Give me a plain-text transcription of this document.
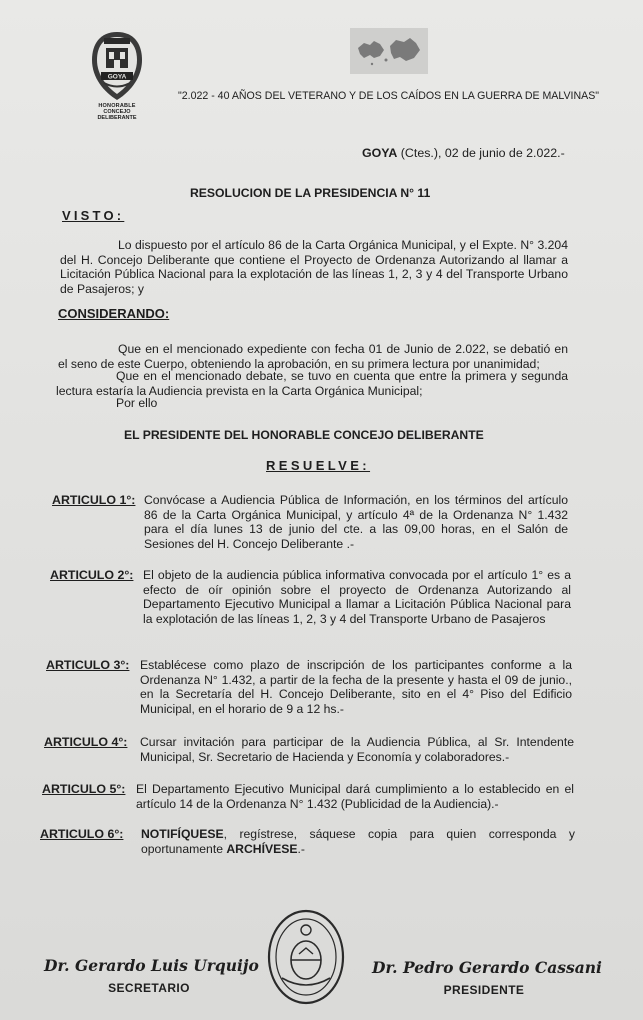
GOYA
HONORABLE
CONCEJO DELIBERANTE
"2.022 - 40 AÑOS DEL VETERANO Y DE LOS CAÍDOS EN LA GUERRA DE MALVINAS"
GOYA (Ctes.), 02 de junio de 2.022.-
RESOLUCION DE LA PRESIDENCIA N° 11
VISTO:
Lo dispuesto por el artículo 86 de la Carta Orgánica Municipal, y el Expte. N° 3.204 del H. Concejo Deliberante que contiene el Proyecto de Ordenanza Autorizando al llamar a Licitación Pública Nacional para la explotación de las líneas 1, 2, 3 y 4 del Transporte Urbano de Pasajeros; y
CONSIDERANDO:
Que en el mencionado expediente con fecha 01 de Junio de 2.022, se debatió en el seno de este Cuerpo, obteniendo la aprobación, en su primera lectura por unanimidad;
Que en el mencionado debate, se tuvo en cuenta que entre la primera y segunda lectura estaría la Audiencia prevista en la Carta Orgánica Municipal;
Por ello
EL PRESIDENTE DEL HONORABLE CONCEJO DELIBERANTE
RESUELVE:
ARTICULO 1°: Convócase a Audiencia Pública de Información, en los términos del artículo 86 de la Carta Orgánica Municipal, y artículo 4ª de la Ordenanza N° 1.432 para el día lunes 13 de junio del cte. a las 09,00 horas, en el Salón de Sesiones del H. Concejo Deliberante .-
ARTICULO 2°: El objeto de la audiencia pública informativa convocada por el artículo 1° es a efecto de oír opinión sobre el proyecto de Ordenanza Autorizando al Departamento Ejecutivo Municipal a llamar a Licitación Pública Nacional para la explotación de las líneas 1, 2, 3 y 4 del Transporte Urbano de Pasajeros
ARTICULO 3°: Establécese como plazo de inscripción de los participantes conforme a la Ordenanza N° 1.432, a partir de la fecha de la presente y hasta el 09 de junio., en la Secretaría del H. Concejo Deliberante, sito en el 4° Piso del Edificio Municipal, en el horario de 9 a 12 hs.-
ARTICULO 4°: Cursar invitación para participar de la Audiencia Pública, al Sr. Intendente Municipal, Sr. Secretario de Hacienda y Economía y colaboradores.-
ARTICULO 5°: El Departamento Ejecutivo Municipal dará cumplimiento a lo establecido en el artículo 14 de la Ordenanza N° 1.432 (Publicidad de la Audiencia).-
ARTICULO 6°: NOTIFÍQUESE, regístrese, sáquese copia para quien corresponda y oportunamente ARCHÍVESE.-
Dr. Gerardo Luis Urquijo
SECRETARIO
Dr. Pedro Gerardo Cassani
PRESIDENTE
